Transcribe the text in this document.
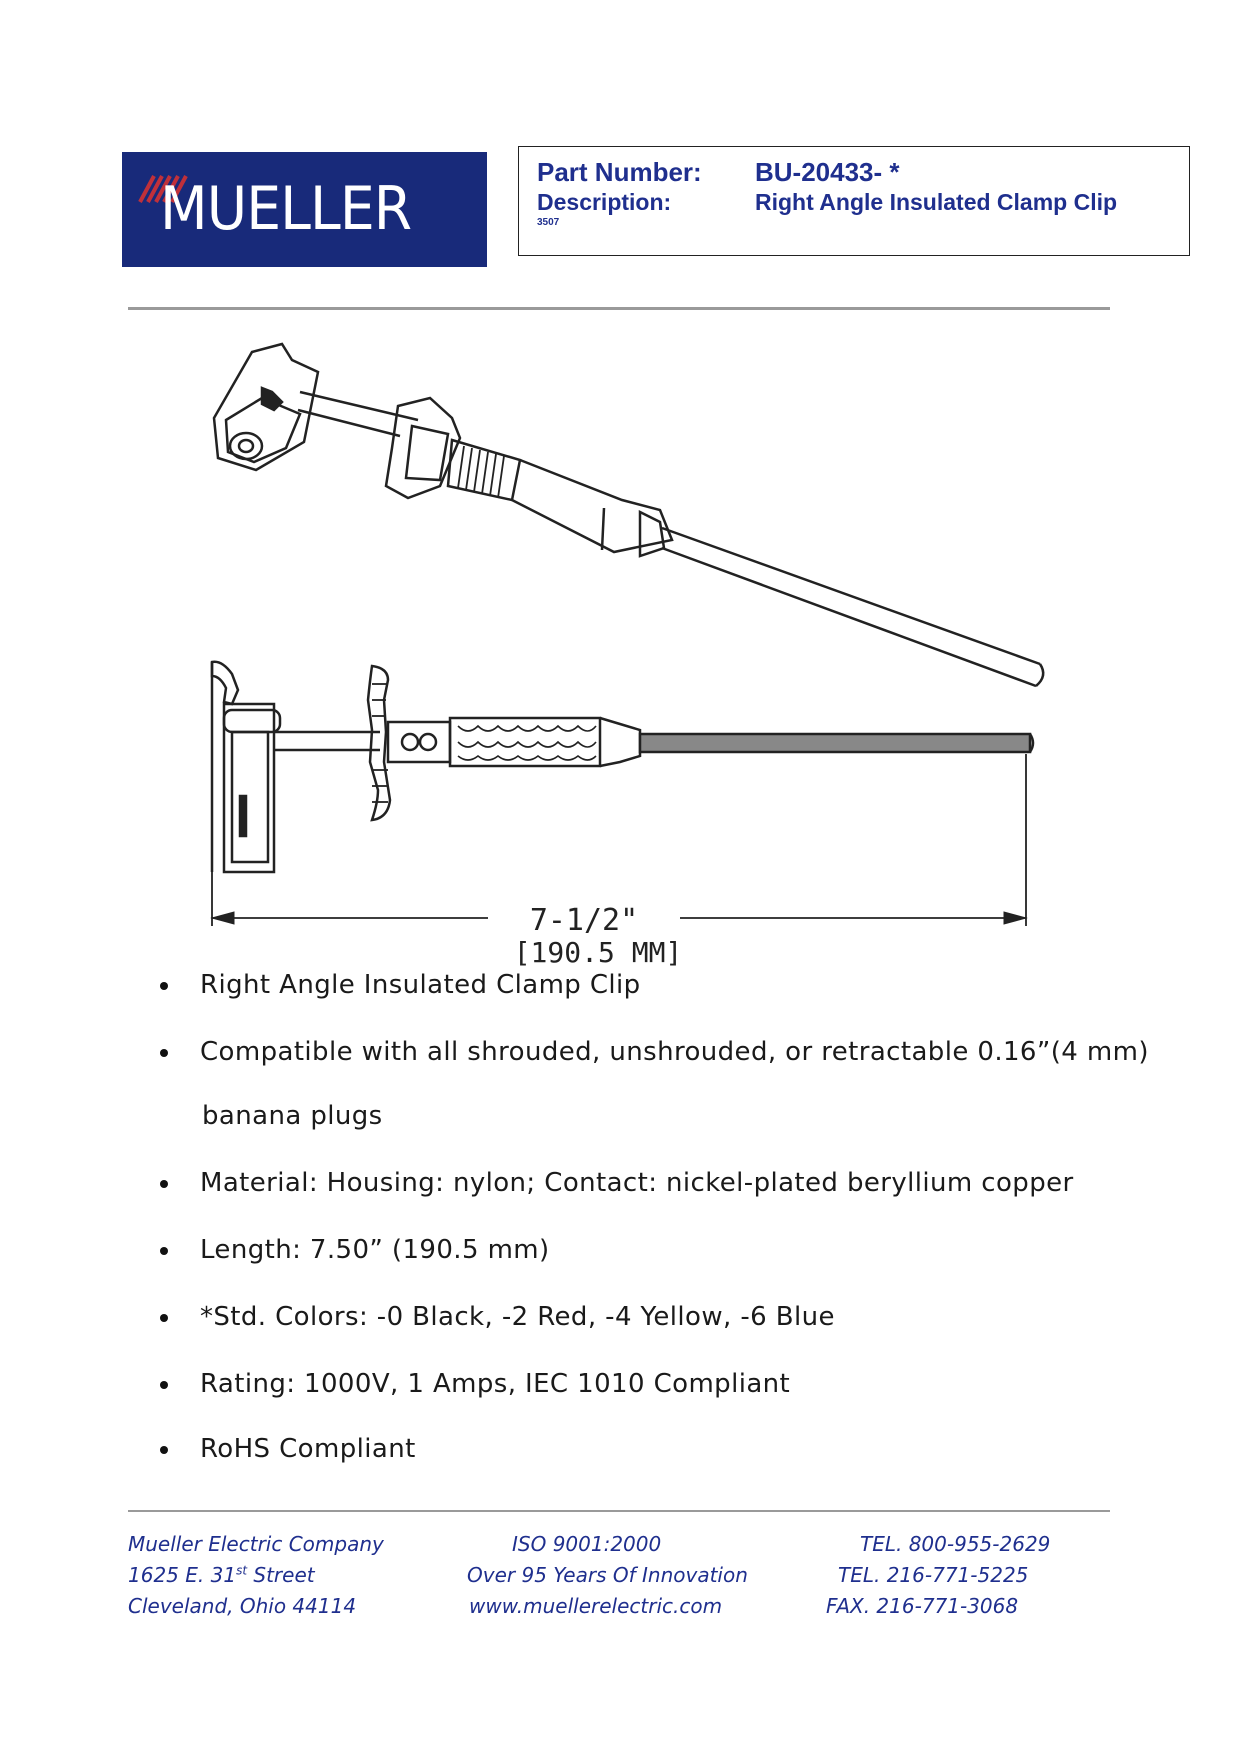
MUELLER
Part Number: BU-20433- *
Description:	Right Angle Insulated Clamp Clip
3507
7-1/2"
[190.5 MM]
Right Angle Insulated Clamp Clip
Compatible with all shrouded, unshrouded, or retractable 0.16”(4 mm)
banana plugs
Material: Housing: nylon; Contact: nickel-plated beryllium copper
Length: 7.50” (190.5 mm)
*Std. Colors: -0 Black, -2 Red, -4 Yellow, -6 Blue
Rating: 1000V, 1 Amps, IEC 1010 Compliant
RoHS Compliant
Mueller Electric Company
1625 E. 31st Street
Cleveland, Ohio 44114
ISO 9001:2000
Over 95 Years Of Innovation
www.muellerelectric.com
TEL. 800-955-2629
TEL. 216-771-5225
FAX. 216-771-3068
